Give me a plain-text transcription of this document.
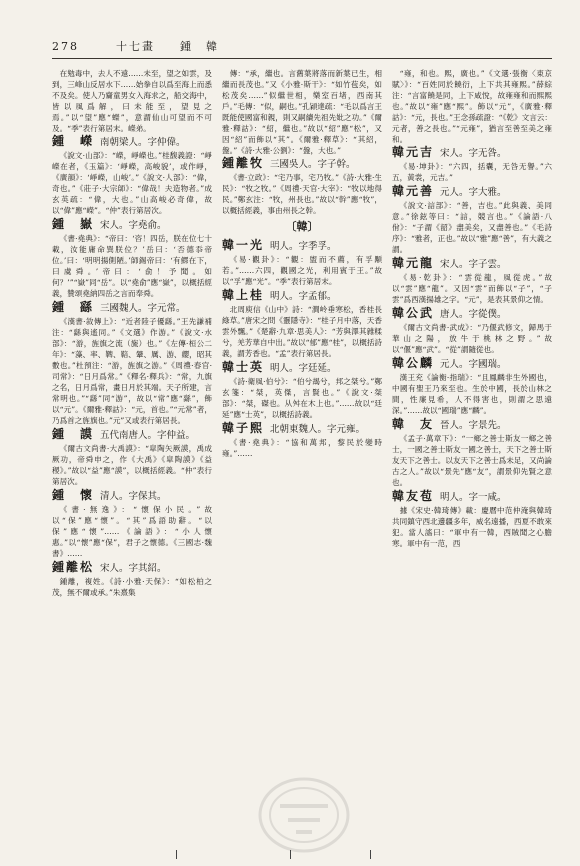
278	十七畫 鍾　韓
在勉毒中，去人不遠……未至，望之如雲，及到，三峰山反居水下……始拳自以爲至海上而悉不及矣。使人乃齎童男女入海求之，船交海中，皆以風爲解，曰未能至，望見之焉。”以“望”應“蠑”，意謂仙山可望而不可及。“季”表行第居末。嶸弟。
鍾　嶸 南朝梁人。字仲偉。
《說文·山部》：“嶸，崢嶸也。”桂馥義證：“崢嶸在者，《玉篇》：‘崢嶸，高峻貌’，或作崢，《廣韻》：‘崢嶸，山峻’。”《說文·人部》：“偉，奇也。”《莊子·大宗師》：“偉哉！夫造物者。”成玄英疏：“偉，大也。”山高峻必奇偉，故以“偉”應“嶸”。“仲”表行第居次。
鍾　嶽 宋人。字堯俞。
《書·堯典》：“帝曰：‘咨！四岳，朕在位七十載，汝能庸命巽朕位？’岳曰：‘否德忝帝位。’曰：‘明明揚側陋。’師錫帝曰：‘有鰥在下，曰虞舜。’帝曰：‘俞！予聞。如何？’”“嶽”同“岳”。以“堯俞”應“嶽”，以概括經義，贊頌堯納四岳之言而奉舜。
鍾　繇 三國魏人。字元常。
《漢書·敘傳上》：“近者陸子優繇。”王先謙補注：“繇與遙同。”《文選》作游。”《說文·水部》：“游，旌旗之流（旒）也。”《左傳·桓公二年》：“藻、率、鞞、鞛、鞶、厲、游、纓，昭其數也。”杜預注：“游，旌旗之游。”《周禮·春官·司常》：“日月爲常。”《釋名·釋兵》：“常，九旗之名，日月爲常，畫日月於其端。天子所建，言常明也。”“繇”同“游”，故以“常”應“繇”，飾以“元”。《爾雅·釋詁》：“元，首也。”“元常”者，乃爲首之旌旗也。”元”又或表行第居長。
鍾　謨 五代南唐人。字仲益。
《爾古文尚書·大禹謨》：“皐陶矢厥謨，禹成厥功，帝舜申之，作《大禹》《皐陶謨》《益稷》。”故以“益”應“謨”，以概括經義。“仲”表行第居次。
鍾　懷 清人。字保其。
《書·無逸》：“懷保小民。”故以“保”應“懷”。“其”爲語助辭。“以保”應“懷”……《論語》：“小人懷惠。”以“懷”應“保”，君子之懷德。《三國志·魏書》……
鍾離松 宋人。字其紹。
鍾離，複姓。《詩·小雅·天保》：“如松柏之茂，無不爾或承。”朱熹集
傳：“承，繼也。言舊葉將落而新葉已生，相繼而長茂也。”又《小雅·斯干》：“如竹苞矣，如松茂矣……”似繼世相，樂室百堵，西南其戶。”毛傳：“似，嗣也。”孔穎達疏：“毛以爲言王既能使國富和親，則又嗣續先祖先妣之功。”《爾雅·釋詁》：“紹，繼也。”故以“紹”應“松”，又因“紹”而飾以“其”。《爾雅·釋草》：“其紹，盤。”《詩·大雅·公劉》：“盤，大也。”
鍾離牧 三國吳人。字子幹。
《書·立政》：“宅乃事，宅乃牧。”《詩·大雅·生民》：“牧之牧。”《周禮·天官·大宰》：“牧以地得民。”鄭玄注：“牧，州長也。”故以“幹”應“牧”，以概括經義，事由州長之幹。
〔韓〕
韓一光 明人。字季孚。
《易·觀卦》：“觀：盥而不薦，有孚顒若。”……六四，觀國之光，利用賓于王。”故以“孚”應“光”。“季”表行第居末。
韓上桂 明人。字孟郁。
北周庾信《山中》詩：“澗岭垂寒松，香桂長綠草。”唐宋之問《靈隱寺》：“桂子月中落，天香雲外飄。”《楚辭·九章·思美人》：“芳與澤其雜糅兮，羌芳華自中出。”故以“郁”應“桂”，以概括詩義，謂芳香也。“孟”表行第居長。
韓士英 明人。字廷延。
《詩·衛風·伯兮》：“伯兮朅兮，邦之桀兮。”鄭玄箋：“桀，英傑，言賢也。”《說文·桀部》：“桀，磔也。从舛在木上也。”……故以“廷延”應“士英”，以概括詩義。
韓子熙 北朝東魏人。字元雍。
《書·堯典》：“協和萬邦，黎民於變時雍。”……
“雍，和也。熙，廣也。”《文選·張衡〈東京賦〉》：“百姓同於饒衍，上下共其雍熙。”薛綜注：“言富饒是同，上下咸悅，故雍雍和而熙熙也。”故以“雍”應“熙”。飾以“元”，《廣雅·釋詁》：“元，長也。”王念孫疏證：“《乾》文言云：元者，善之長也。”“元雍”，猶言至善至美之雍和。
韓元吉 宋人。字无咎。
《易·坤卦》：“六四，括囊，无咎无譽。”六五，黃裳，元吉。”
韓元善 元人。字大雅。
《說文·誩部》：“善，吉也。”此與義、美同意。”徐鉉等曰：“誩，競言也。”《論語·八佾》：“子謂《韶》盡美矣，又盡善也。”《毛詩序》：“雅者，正也。”故以“雅”應“善”，有大義之謂。
韓元龍 宋人。字子雲。
《易·乾卦》：“雲從龍，風從虎。”故以“雲”應“龍”。又因“雲”而飾以“子”，“子雲”爲西漢揚雄之字。“元”，是表其景仰之情。
韓公武 唐人。字從僕。
《爾古文尚書·武成》：“乃偃武修文，歸馬于華山之陽，放牛于桃林之野。”故以“偃”應“武”。“從”謂隨從也。
韓公麟 元人。字國瑞。
漢王充《論衡·指瑞》：“且鳳麟非生外國也，中國有聖王乃來至也。生於中國，長於山林之間，性廉見希，人不得害也，則謂之思遠深。”……故以“國瑞”應“麟”。
韓　友 晉人。字景先。
《孟子·萬章下》：“一鄉之善士斯友一鄉之善士，一國之善士斯友一國之善士，天下之善士斯友天下之善士。以友天下之善士爲未足，又尚論古之人。”故以“景先”應“友”，謂景仰先賢之意也。
韓友苞 明人。字一咸。
據《宋史·韓琦傳》載：慶曆中范仲淹與韓琦共同鎮守西北邊疆多年，威名遠播，西夏不敢來犯。當人謠曰：“軍中有一韓，西賊聞之心膽寒。軍中有一范，西
